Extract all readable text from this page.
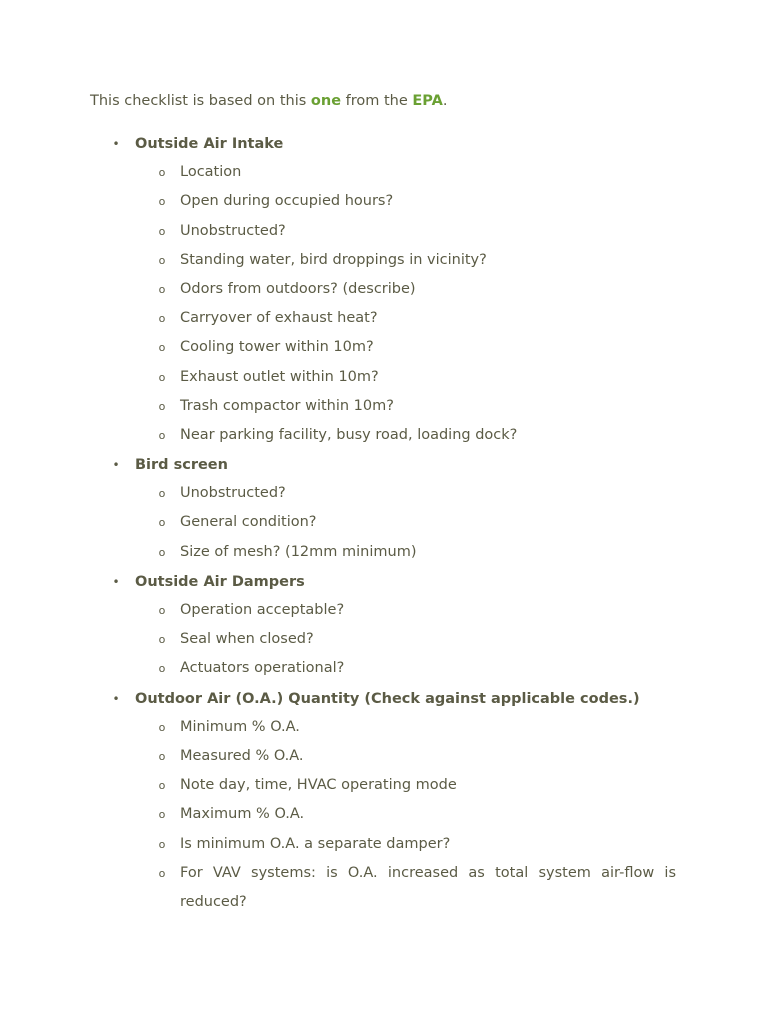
This checklist is based on this one from the EPA.

• Outside Air Intake
o Location
o Open during occupied hours?
o Unobstructed?
o Standing water, bird droppings in vicinity?
o Odors from outdoors? (describe)
o Carryover of exhaust heat?
o Cooling tower within 10m?
o Exhaust outlet within 10m?
o Trash compactor within 10m?
o Near parking facility, busy road, loading dock?
• Bird screen
o Unobstructed?
o General condition?
o Size of mesh? (12mm minimum)
• Outside Air Dampers
o Operation acceptable?
o Seal when closed?
o Actuators operational?
• Outdoor Air (O.A.) Quantity (Check against applicable codes.)
o Minimum % O.A.
o Measured % O.A.
o Note day, time, HVAC operating mode
o Maximum % O.A.
o Is minimum O.A. a separate damper?
o For VAV systems: is O.A. increased as total system air-flow is reduced?
